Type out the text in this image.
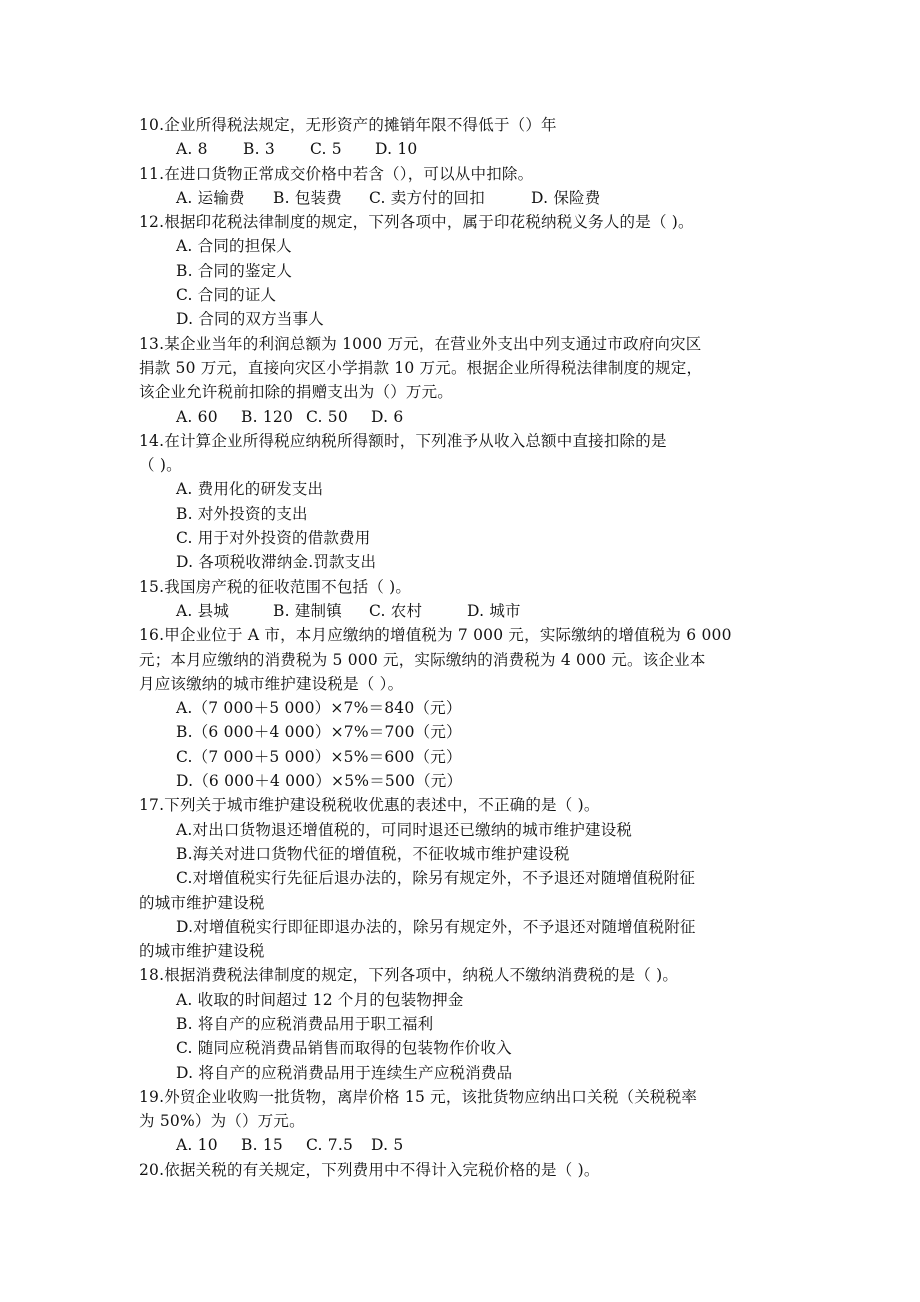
10.企业所得税法规定，无形资产的摊销年限不得低于（）年
A. 8 B. 3 C. 5 D. 10
11.在进口货物正常成交价格中若含（），可以从中扣除。
A. 运输费 B. 包装费 C. 卖方付的回扣	D. 保险费
12.根据印花税法律制度的规定，下列各项中，属于印花税纳税义务人的是（ )。
A. 合同的担保人
B. 合同的鉴定人
C. 合同的证人
D. 合同的双方当事人
13.某企业当年的利润总额为 1000 万元，在营业外支出中列支通过市政府向灾区
捐款 50 万元，直接向灾区小学捐款 10 万元。根据企业所得税法律制度的规定，
该企业允许税前扣除的捐赠支出为（）万元。
A. 60 B. 120 C. 50 D. 6
14.在计算企业所得税应纳税所得额时，下列准予从收入总额中直接扣除的是
（ )。
A. 费用化的研发支出
B. 对外投资的支出
C. 用于对外投资的借款费用
D. 各项税收滞纳金.罚款支出
15.我国房产税的征收范围不包括（ )。
A. 县城	B. 建制镇 C. 农村	D. 城市
16.甲企业位于 A 市，本月应缴纳的增值税为 7 000 元，实际缴纳的增值税为 6 000
元；本月应缴纳的消费税为 5 000 元，实际缴纳的消费税为 4 000 元。该企业本
月应该缴纳的城市维护建设税是（ ）。
A.（7 000＋5 000）×7%＝840（元）
B.（6 000＋4 000）×7%＝700（元）
C.（7 000＋5 000）×5%＝600（元）
D.（6 000＋4 000）×5%＝500（元）
17.下列关于城市维护建设税税收优惠的表述中，不正确的是（ )。
A.对出口货物退还增值税的，可同时退还已缴纳的城市维护建设税
B.海关对进口货物代征的增值税，不征收城市维护建设税
C.对增值税实行先征后退办法的，除另有规定外，不予退还对随增值税附征
的城市维护建设税
D.对增值税实行即征即退办法的，除另有规定外，不予退还对随增值税附征
的城市维护建设税
18.根据消费税法律制度的规定，下列各项中，纳税人不缴纳消费税的是（ )。
A. 收取的时间超过 12 个月的包装物押金
B. 将自产的应税消费品用于职工福利
C. 随同应税消费品销售而取得的包装物作价收入
D. 将自产的应税消费品用于连续生产应税消费品
19.外贸企业收购一批货物，离岸价格 15 元，该批货物应纳出口关税（关税税率
为 50%）为（）万元。
A. 10 B. 15 C. 7.5 D. 5
20.依据关税的有关规定，下列费用中不得计入完税价格的是（ )。
